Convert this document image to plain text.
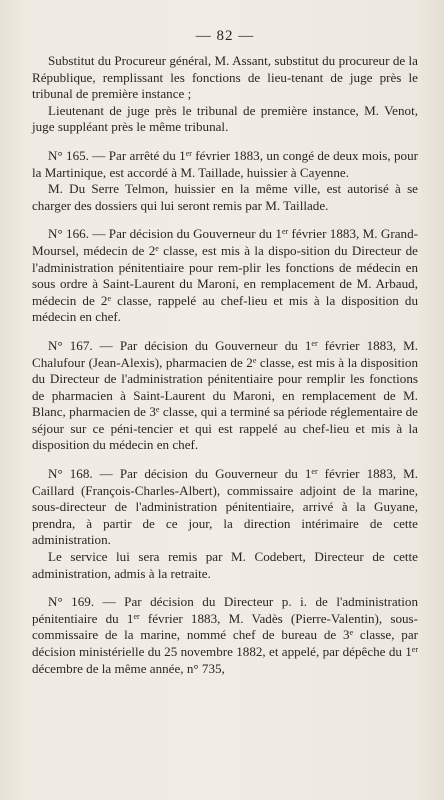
— 82 —
Substitut du Procureur général, M. Assant, substitut du procureur de la République, remplissant les fonctions de lieu-tenant de juge près le tribunal de première instance ;
Lieutenant de juge près le tribunal de première instance, M. Venot, juge suppléant près le même tribunal.
N° 165. — Par arrêté du 1er février 1883, un congé de deux mois, pour la Martinique, est accordé à M. Taillade, huissier à Cayenne.
M. Du Serre Telmon, huissier en la même ville, est autorisé à se charger des dossiers qui lui seront remis par M. Taillade.
N° 166. — Par décision du Gouverneur du 1er février 1883, M. Grand-Moursel, médecin de 2e classe, est mis à la dispo-sition du Directeur de l'administration pénitentiaire pour rem-plir les fonctions de médecin en sous ordre à Saint-Laurent du Maroni, en remplacement de M. Arbaud, médecin de 2e classe, rappelé au chef-lieu et mis à la disposition du médecin en chef.
N° 167. — Par décision du Gouverneur du 1er février 1883, M. Chalufour (Jean-Alexis), pharmacien de 2e classe, est mis à la disposition du Directeur de l'administration pénitentiaire pour remplir les fonctions de pharmacien à Saint-Laurent du Maroni, en remplacement de M. Blanc, pharmacien de 3e classe, qui a terminé sa période réglementaire de séjour sur ce péni-tencier et qui est rappelé au chef-lieu et mis à la disposition du médecin en chef.
N° 168. — Par décision du Gouverneur du 1er février 1883, M. Caillard (François-Charles-Albert), commissaire adjoint de la marine, sous-directeur de l'administration pénitentiaire, arrivé à la Guyane, prendra, à partir de ce jour, la direction intérimaire de cette administration.
Le service lui sera remis par M. Codebert, Directeur de cette administration, admis à la retraite.
N° 169. — Par décision du Directeur p. i. de l'administration pénitentiaire du 1er février 1883, M. Vadès (Pierre-Valentin), sous-commissaire de la marine, nommé chef de bureau de 3e classe, par décision ministérielle du 25 novembre 1882, et appelé, par dépêche du 1er décembre de la même année, n° 735,
